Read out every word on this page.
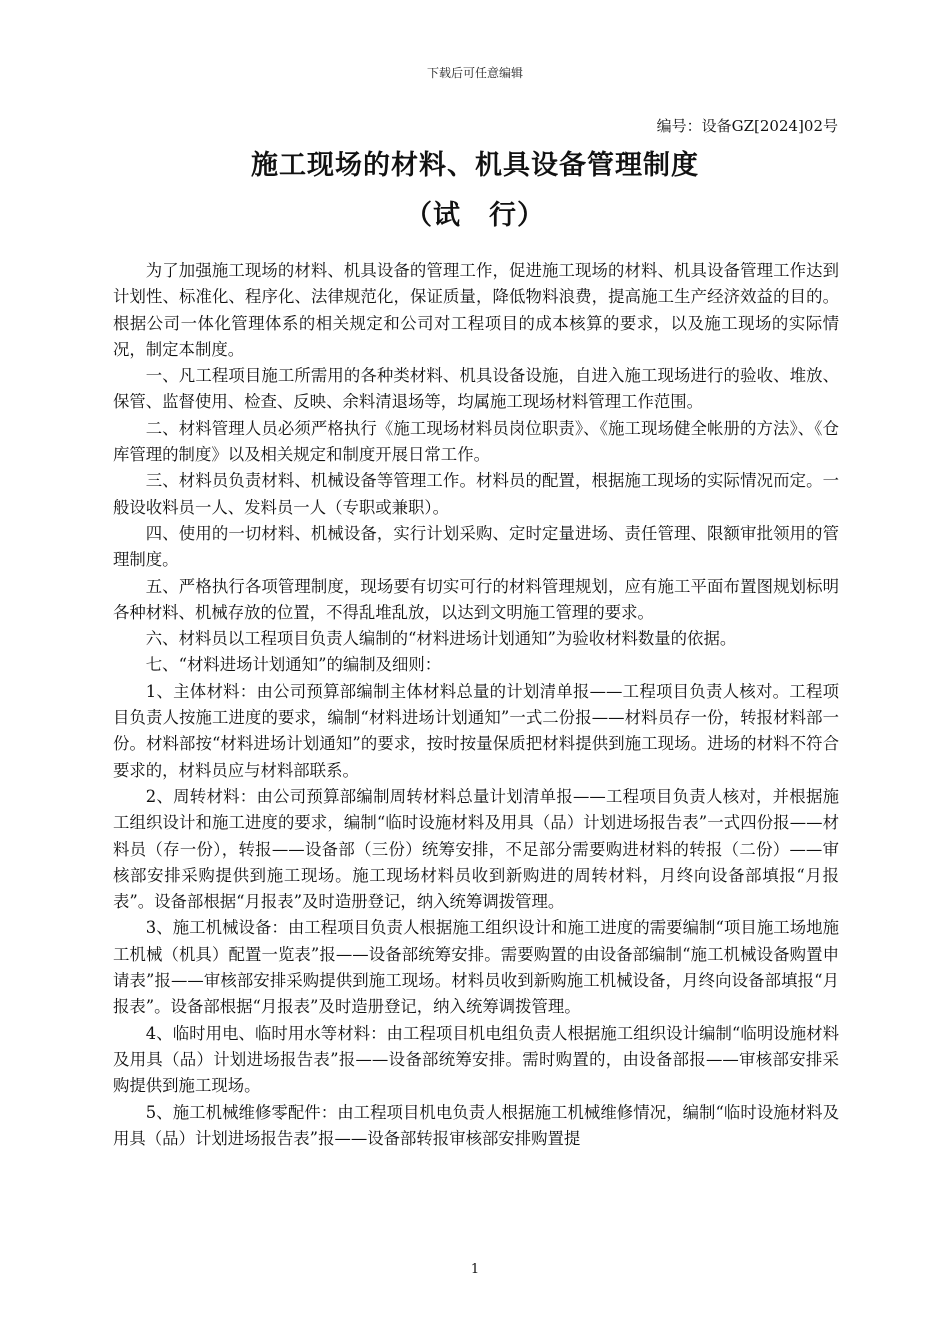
下载后可任意编辑
编号：设备GZ[2024]02号
施工现场的材料、机具设备管理制度
（试　行）

为了加强施工现场的材料、机具设备的管理工作，促进施工现场的材料、机具设备管理工作达到计划性、标准化、程序化、法律规范化，保证质量，降低物料浪费，提高施工生产经济效益的目的。根据公司一体化管理体系的相关规定和公司对工程项目的成本核算的要求，以及施工现场的实际情况，制定本制度。

一、凡工程项目施工所需用的各种类材料、机具设备设施，自进入施工现场进行的验收、堆放、保管、监督使用、检查、反映、余料清退场等，均属施工现场材料管理工作范围。

二、材料管理人员必须严格执行《施工现场材料员岗位职责》、《施工现场健全帐册的方法》、《仓库管理的制度》以及相关规定和制度开展日常工作。

三、材料员负责材料、机械设备等管理工作。材料员的配置，根据施工现场的实际情况而定。一般设收料员一人、发料员一人（专职或兼职）。

四、使用的一切材料、机械设备，实行计划采购、定时定量进场、责任管理、限额审批领用的管理制度。

五、严格执行各项管理制度，现场要有切实可行的材料管理规划，应有施工平面布置图规划标明各种材料、机械存放的位置，不得乱堆乱放，以达到文明施工管理的要求。

六、材料员以工程项目负责人编制的“材料进场计划通知”为验收材料数量的依据。

七、“材料进场计划通知”的编制及细则：

1、主体材料：由公司预算部编制主体材料总量的计划清单报——工程项目负责人核对。工程项目负责人按施工进度的要求，编制“材料进场计划通知”一式二份报——材料员存一份，转报材料部一份。材料部按“材料进场计划通知”的要求，按时按量保质把材料提供到施工现场。进场的材料不符合要求的，材料员应与材料部联系。

2、周转材料：由公司预算部编制周转材料总量计划清单报——工程项目负责人核对，并根据施工组织设计和施工进度的要求，编制“临时设施材料及用具（品）计划进场报告表”一式四份报——材料员（存一份），转报——设备部（三份）统筹安排，不足部分需要购进材料的转报（二份）——审核部安排采购提供到施工现场。施工现场材料员收到新购进的周转材料，月终向设备部填报“月报表”。设备部根据“月报表”及时造册登记，纳入统筹调拨管理。

3、施工机械设备：由工程项目负责人根据施工组织设计和施工进度的需要编制“项目施工场地施工机械（机具）配置一览表”报——设备部统筹安排。需要购置的由设备部编制“施工机械设备购置申请表”报——审核部安排采购提供到施工现场。材料员收到新购施工机械设备，月终向设备部填报“月报表”。设备部根据“月报表”及时造册登记，纳入统筹调拨管理。

4、临时用电、临时用水等材料：由工程项目机电组负责人根据施工组织设计编制“临明设施材料及用具（品）计划进场报告表”报——设备部统筹安排。需时购置的，由设备部报——审核部安排采购提供到施工现场。

5、施工机械维修零配件：由工程项目机电负责人根据施工机械维修情况，编制“临时设施材料及用具（品）计划进场报告表”报——设备部转报审核部安排购置提

1
